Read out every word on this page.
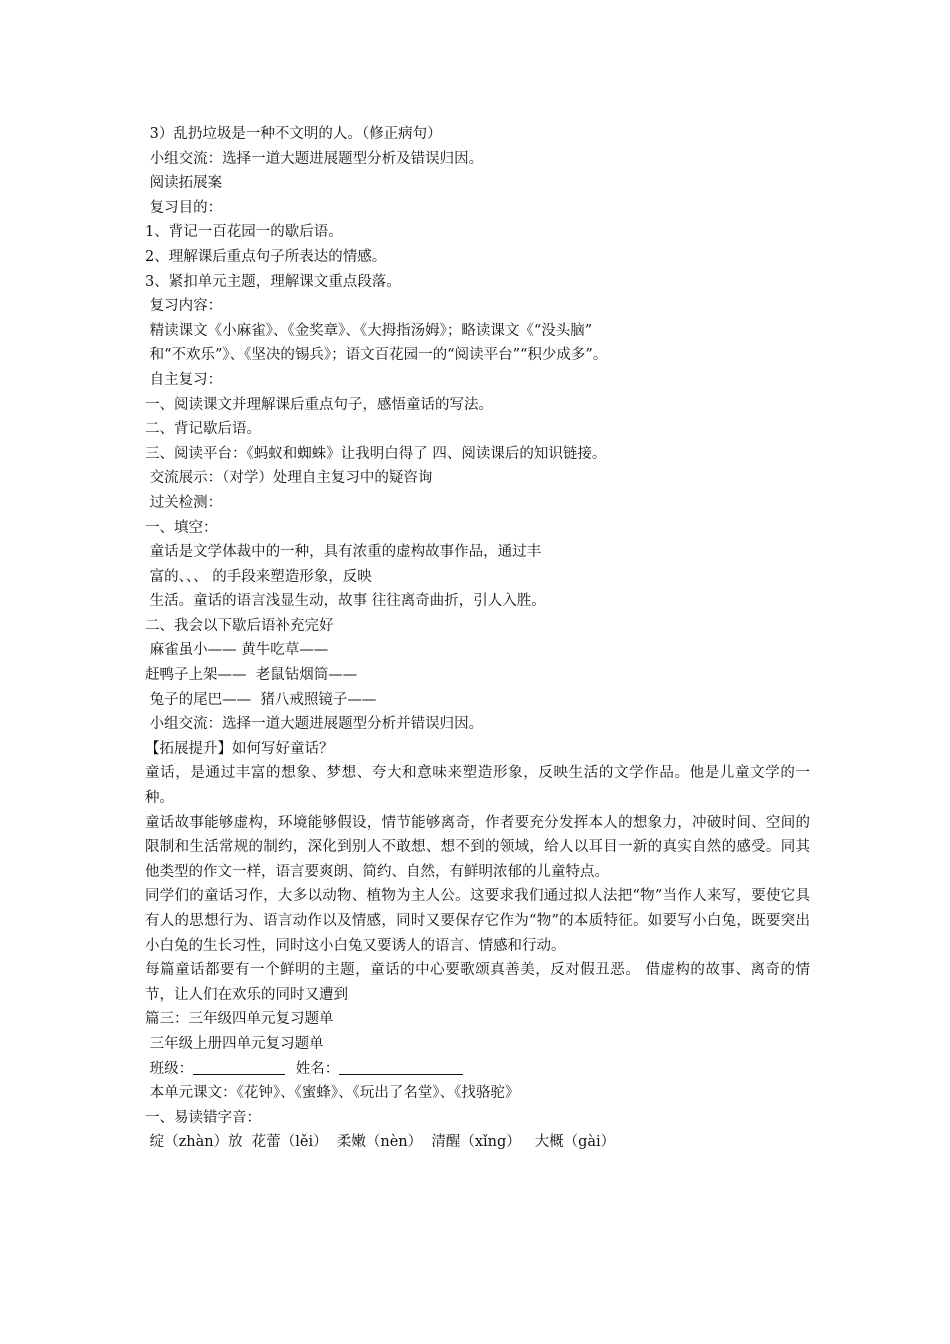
3）乱扔垃圾是一种不文明的人。（修正病句）
小组交流：选择一道大题进展题型分析及错误归因。
阅读拓展案
复习目的：
1、背记一百花园一的歇后语。
2、理解课后重点句子所表达的情感。
3、紧扣单元主题，理解课文重点段落。
复习内容：
精读课文《小麻雀》、《金奖章》、《大拇指汤姆》；略读课文《“没头脑”
和“不欢乐”》、《坚决的锡兵》；语文百花园一的“阅读平台”“积少成多”。
自主复习：
一、阅读课文并理解课后重点句子，感悟童话的写法。
二、背记歇后语。
三、阅读平台：《蚂蚁和蜘蛛》让我明白得了 四、阅读课后的知识链接。
交流展示：（对学）处理自主复习中的疑咨询
过关检测：
一、填空：
童话是文学体裁中的一种，具有浓重的虚构故事作品，通过丰
富的、、、 的手段来塑造形象，反映
生活。童话的语言浅显生动，故事 往往离奇曲折，引人入胜。
二、我会以下歇后语补充完好
麻雀虽小—— 黄牛吃草——
赶鸭子上架——  老鼠钻烟筒——
兔子的尾巴——  猪八戒照镜子——
小组交流：选择一道大题进展题型分析并错误归因。
【拓展提升】如何写好童话？
童话，是通过丰富的想象、梦想、夸大和意味来塑造形象，反映生活的文学作品。他是儿童文学的一种。
童话故事能够虚构，环境能够假设，情节能够离奇，作者要充分发挥本人的想象力，冲破时间、空间的限制和生活常规的制约，深化到别人不敢想、想不到的领域，给人以耳目一新的真实自然的感受。同其他类型的作文一样，语言要爽朗、简约、自然，有鲜明浓郁的儿童特点。
同学们的童话习作，大多以动物、植物为主人公。这要求我们通过拟人法把“物”当作人来写，要使它具有人的思想行为、语言动作以及情感，同时又要保存它作为“物”的本质特征。如要写小白兔，既要突出小白兔的生长习性，同时这小白兔又要诱人的语言、情感和行动。
每篇童话都要有一个鲜明的主题，童话的中心要歌颂真善美，反对假丑恶。 借虚构的故事、离奇的情节，让人们在欢乐的同时又遭到
篇三：三年级四单元复习题单
三年级上册四单元复习题单
班级：	姓名：
本单元课文：《花钟》、《蜜蜂》、《玩出了名堂》、《找骆驼》
一、易读错字音：
绽（zhàn）放  花蕾（lěi）  柔嫩（nèn）  清醒（xǐng）   大概（gài）
